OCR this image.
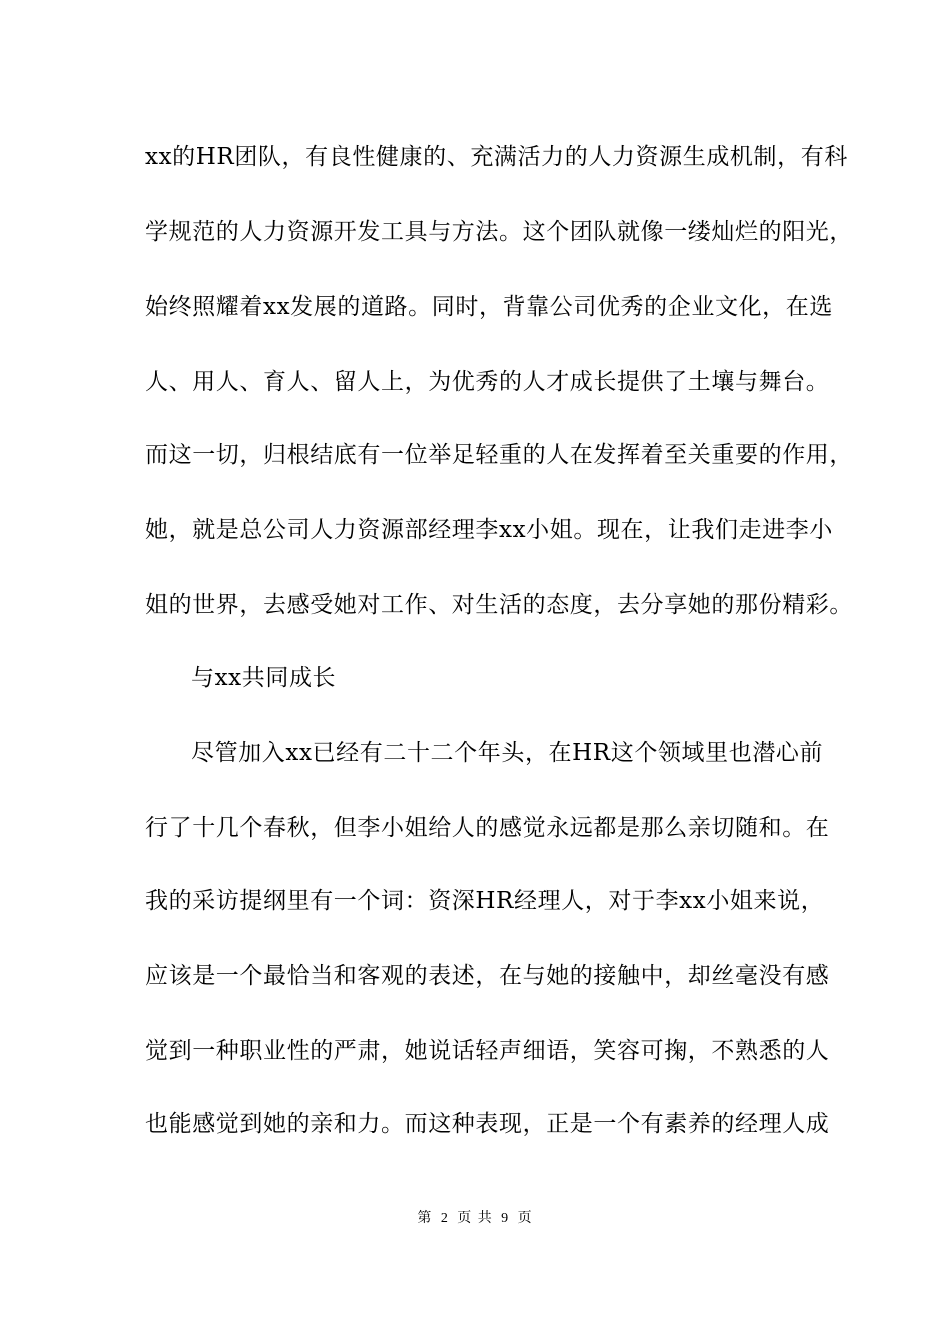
xx的HR团队，有良性健康的、充满活力的人力资源生成机制，有科
学规范的人力资源开发工具与方法。这个团队就像一缕灿烂的阳光，
始终照耀着xx发展的道路。同时，背靠公司优秀的企业文化，在选
人、用人、育人、留人上，为优秀的人才成长提供了土壤与舞台。
而这一切，归根结底有一位举足轻重的人在发挥着至关重要的作用，
她，就是总公司人力资源部经理李xx小姐。现在，让我们走进李小
姐的世界，去感受她对工作、对生活的态度，去分享她的那份精彩。
与xx共同成长
尽管加入xx已经有二十二个年头，在HR这个领域里也潜心前
行了十几个春秋，但李小姐给人的感觉永远都是那么亲切随和。在
我的采访提纲里有一个词：资深HR经理人，对于李xx小姐来说，
应该是一个最恰当和客观的表述，在与她的接触中，却丝毫没有感
觉到一种职业性的严肃，她说话轻声细语，笑容可掬，不熟悉的人
也能感觉到她的亲和力。而这种表现，正是一个有素养的经理人成
第 2 页 共 9 页
